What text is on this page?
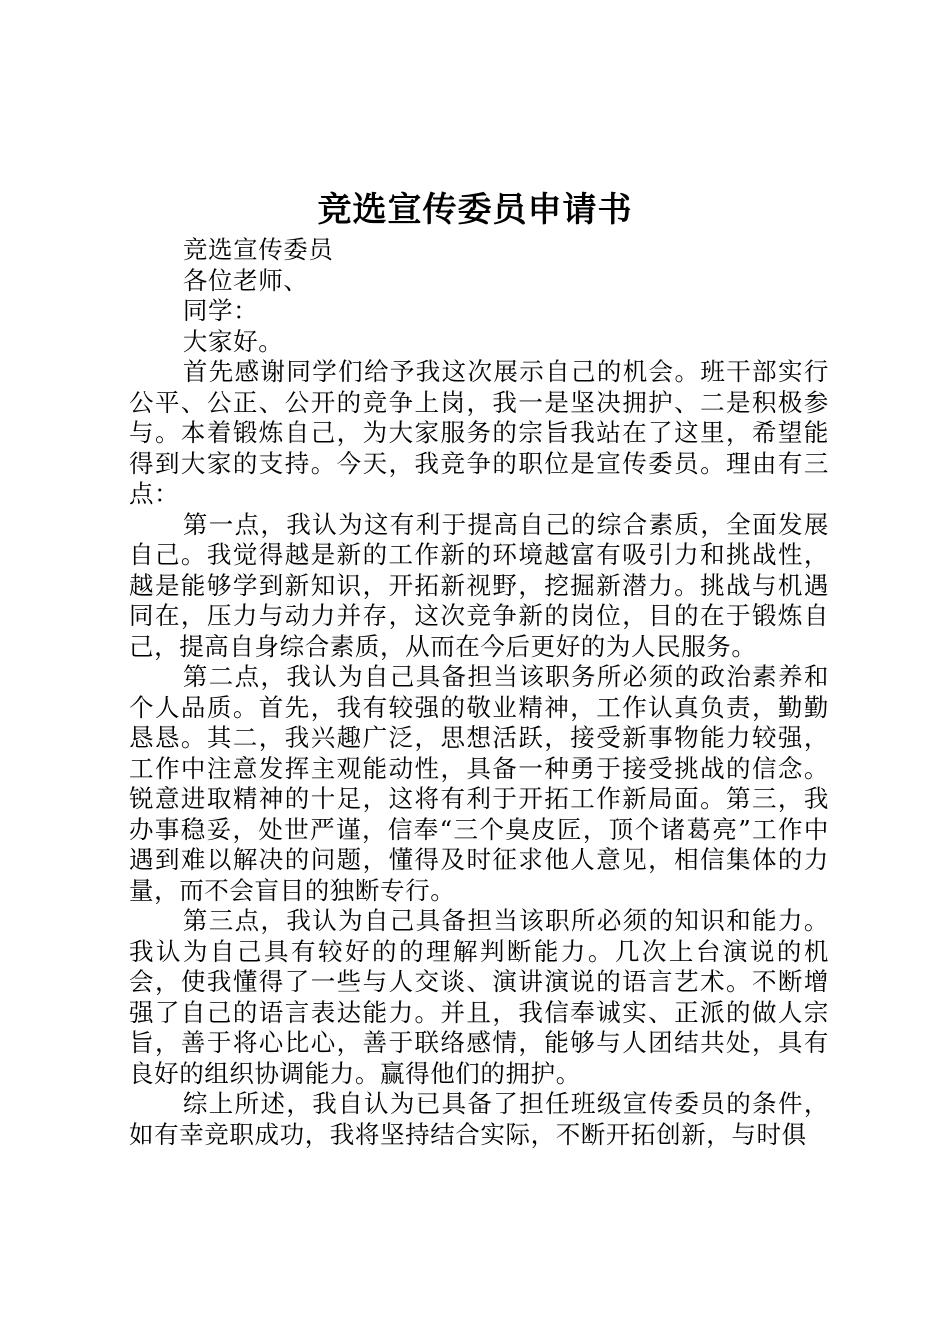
竞选宣传委员申请书

竞选宣传委员

各位老师、

同学：

大家好。

首先感谢同学们给予我这次展示自己的机会。班干部实行公平、公正、公开的竞争上岗，我一是坚决拥护、二是积极参与。本着锻炼自己，为大家服务的宗旨我站在了这里，希望能得到大家的支持。今天，我竞争的职位是宣传委员。理由有三点：

第一点，我认为这有利于提高自己的综合素质，全面发展自己。我觉得越是新的工作新的环境越富有吸引力和挑战性，越是能够学到新知识，开拓新视野，挖掘新潜力。挑战与机遇同在，压力与动力并存，这次竞争新的岗位，目的在于锻炼自己，提高自身综合素质，从而在今后更好的为人民服务。

第二点，我认为自己具备担当该职务所必须的政治素养和个人品质。首先，我有较强的敬业精神，工作认真负责，勤勤恳恳。其二，我兴趣广泛，思想活跃，接受新事物能力较强，工作中注意发挥主观能动性，具备一种勇于接受挑战的信念。锐意进取精神的十足，这将有利于开拓工作新局面。第三，我办事稳妥，处世严谨，信奉“三个臭皮匠，顶个诸葛亮”工作中遇到难以解决的问题，懂得及时征求他人意见，相信集体的力量，而不会盲目的独断专行。

第三点，我认为自己具备担当该职所必须的知识和能力。我认为自己具有较好的的理解判断能力。几次上台演说的机会，使我懂得了一些与人交谈、演讲演说的语言艺术。不断增强了自己的语言表达能力。并且，我信奉诚实、正派的做人宗旨，善于将心比心，善于联络感情，能够与人团结共处，具有良好的组织协调能力。赢得他们的拥护。

综上所述，我自认为已具备了担任班级宣传委员的条件，如有幸竞职成功，我将坚持结合实际，不断开拓创新，与时俱
